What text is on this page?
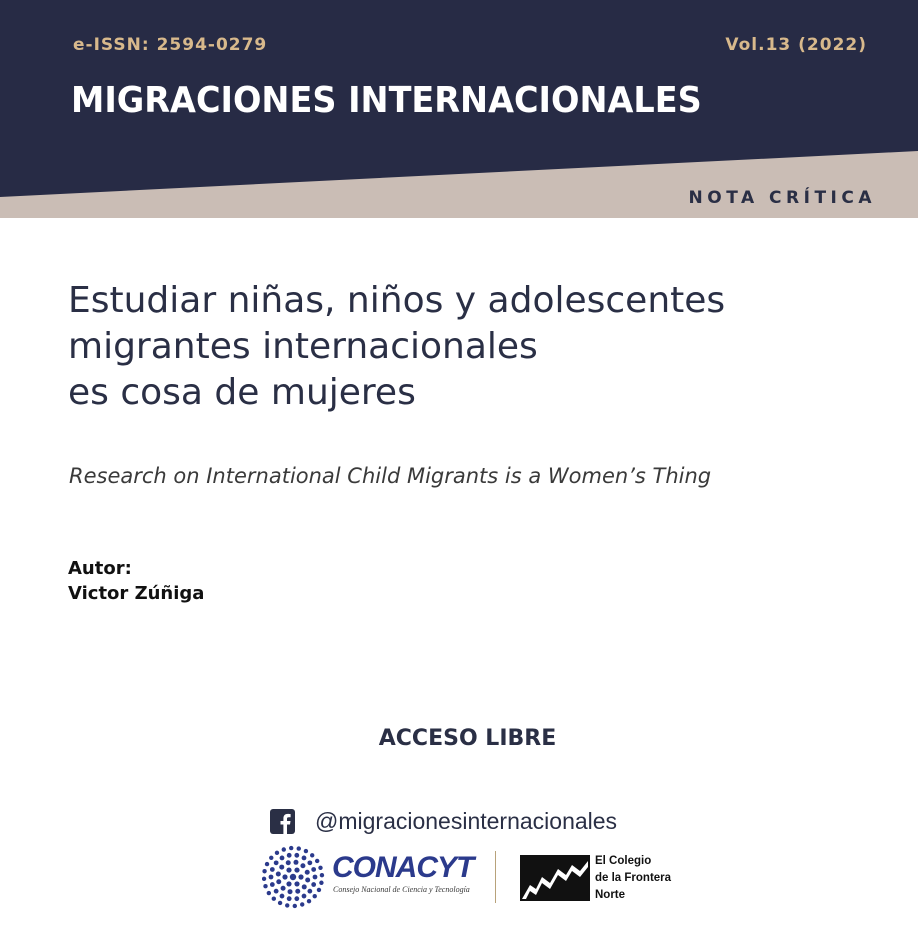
e-ISSN: 2594-0279	Vol.13 (2022)
MIGRACIONES INTERNACIONALES
NOTA CRÍTICA
Estudiar niñas, niños y adolescentes
migrantes internacionales
es cosa de mujeres
Research on International Child Migrants is a Women’s Thing
Autor:
Victor Zúñiga
ACCESO LIBRE
@migracionesinternacionales
CONACYT
Consejo Nacional de Ciencia y Tecnología
El Colegio
de la Frontera
Norte
